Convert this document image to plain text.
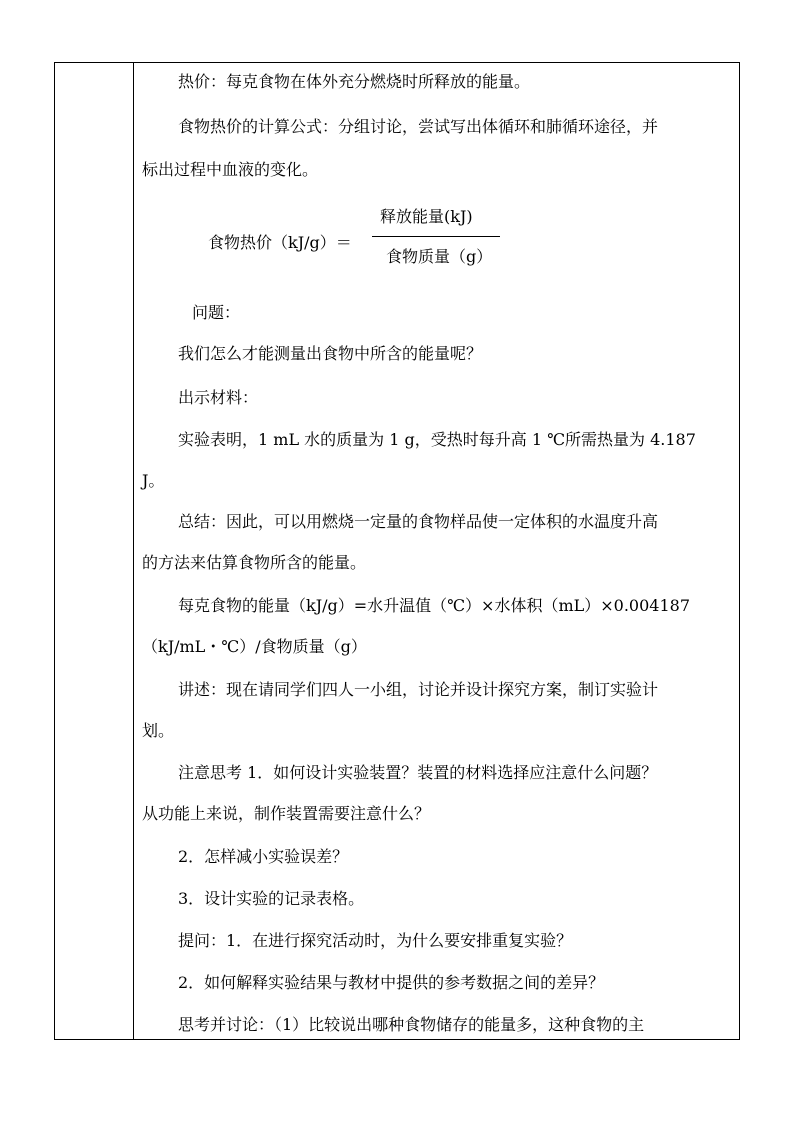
热价：每克食物在体外充分燃烧时所释放的能量。
食物热价的计算公式：分组讨论，尝试写出体循环和肺循环途径，并
标出过程中血液的变化。
食物热价（kJ/g）＝
释放能量(kJ)
食物质量（g）
问题：
我们怎么才能测量出食物中所含的能量呢？
出示材料：
实验表明，1 mL 水的质量为 1 g，受热时每升高 1 ℃所需热量为 4.187
J。
总结：因此，可以用燃烧一定量的食物样品使一定体积的水温度升高
的方法来估算食物所含的能量。
每克食物的能量（kJ/g）=水升温值（℃）×水体积（mL）×0.004187
（kJ/mL・℃）/食物质量（g）
讲述：现在请同学们四人一小组，讨论并设计探究方案，制订实验计
划。
注意思考 1．如何设计实验装置？装置的材料选择应注意什么问题？
从功能上来说，制作装置需要注意什么？
2．怎样减小实验误差？
3．设计实验的记录表格。
提问：1．在进行探究活动时，为什么要安排重复实验？
2．如何解释实验结果与教材中提供的参考数据之间的差异？
思考并讨论：（1）比较说出哪种食物储存的能量多，这种食物的主
